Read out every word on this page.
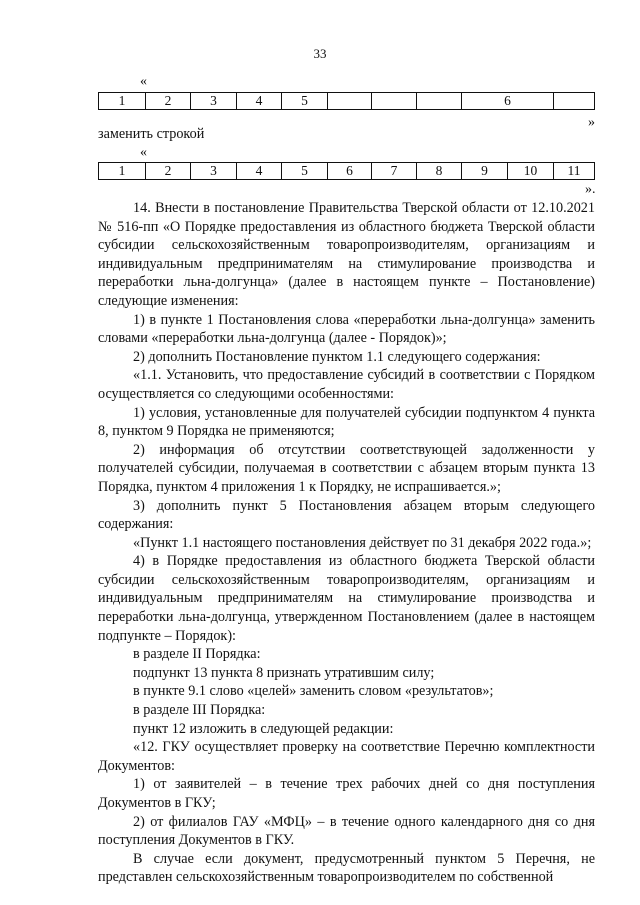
33
«
1	2	3	4	5				6	
»
заменить строкой
«
1	2	3	4	5	6	7	8	9	10	11
».

14. Внести в постановление Правительства Тверской области от 12.10.2021 № 516-пп «О Порядке предоставления из областного бюджета Тверской области субсидии сельскохозяйственным товаропроизводителям, организациям и индивидуальным предпринимателям на стимулирование производства и переработки льна-долгунца» (далее в настоящем пункте – Постановление) следующие изменения:

1) в пункте 1 Постановления слова «переработки льна-долгунца» заменить словами «переработки льна-долгунца (далее - Порядок)»;

2) дополнить Постановление пунктом 1.1 следующего содержания:

«1.1. Установить, что предоставление субсидий в соответствии с Порядком осуществляется со следующими особенностями:

1) условия, установленные для получателей субсидии подпунктом 4 пункта 8, пунктом 9 Порядка не применяются;

2) информация об отсутствии соответствующей задолженности у получателей субсидии, получаемая в соответствии с абзацем вторым пункта 13 Порядка, пунктом 4 приложения 1 к Порядку, не испрашивается.»;

3) дополнить пункт 5 Постановления абзацем вторым следующего содержания:

«Пункт 1.1 настоящего постановления действует по 31 декабря 2022 года.»;

4) в Порядке предоставления из областного бюджета Тверской области субсидии сельскохозяйственным товаропроизводителям, организациям и индивидуальным предпринимателям на стимулирование производства и переработки льна-долгунца, утвержденном Постановлением (далее в настоящем подпункте – Порядок):

в разделе II Порядка:

подпункт 13 пункта 8 признать утратившим силу;

в пункте 9.1 слово «целей» заменить словом «результатов»;

в разделе III Порядка:

пункт 12 изложить в следующей редакции:

«12. ГКУ осуществляет проверку на соответствие Перечню комплектности Документов:

1) от заявителей – в течение трех рабочих дней со дня поступления Документов в ГКУ;

2) от филиалов ГАУ «МФЦ» – в течение одного календарного дня со дня поступления Документов в ГКУ.

В случае если документ, предусмотренный пунктом 5 Перечня, не представлен сельскохозяйственным товаропроизводителем по собственной
